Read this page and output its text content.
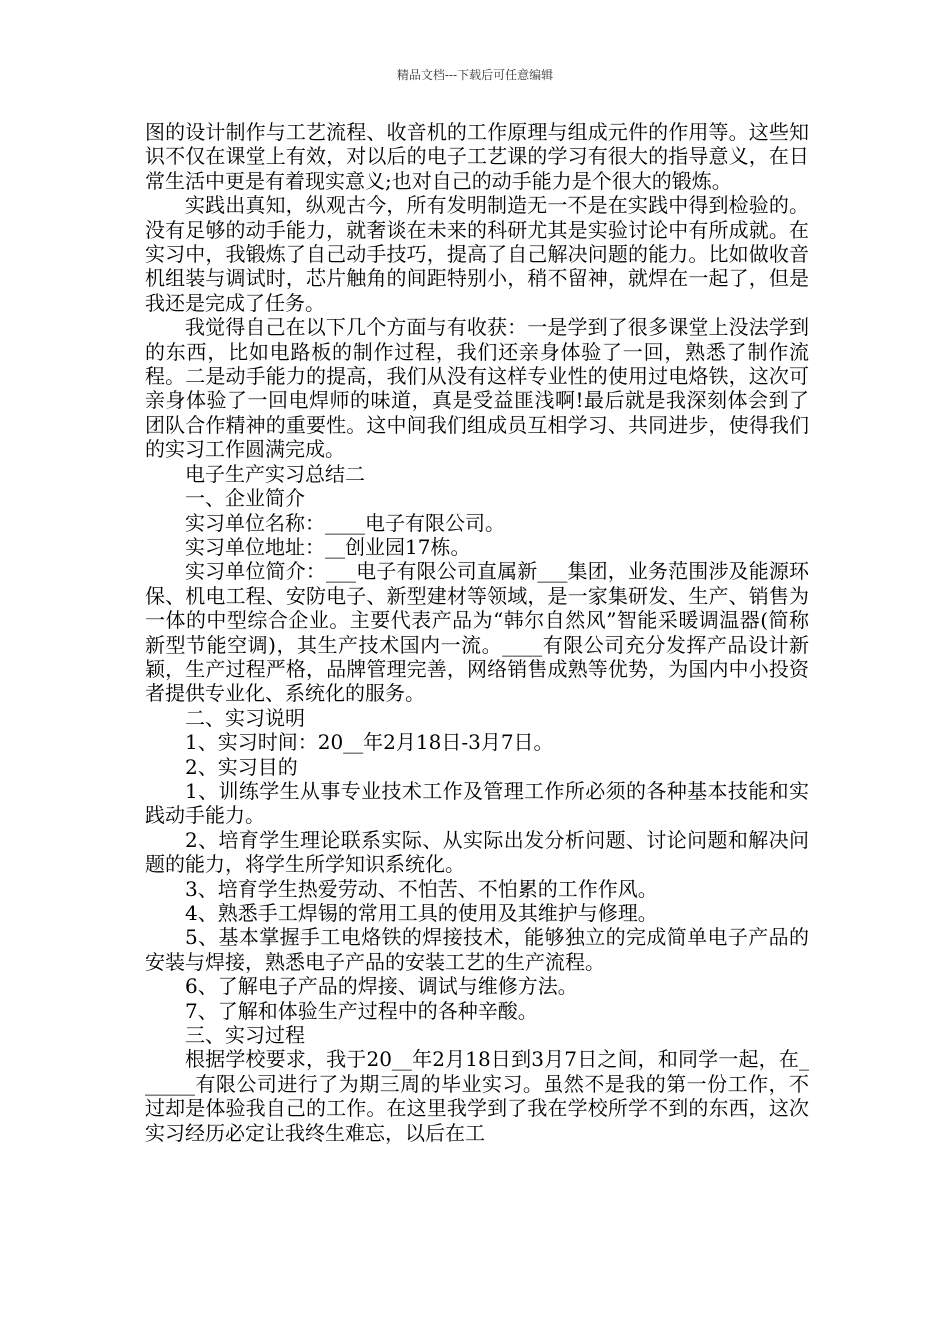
精品文档---下载后可任意编辑

图的设计制作与工艺流程、收音机的工作原理与组成元件的作用等。这些知识不仅在课堂上有效，对以后的电子工艺课的学习有很大的指导意义，在日常生活中更是有着现实意义;也对自己的动手能力是个很大的锻炼。

实践出真知，纵观古今，所有发明制造无一不是在实践中得到检验的。没有足够的动手能力，就奢谈在未来的科研尤其是实验讨论中有所成就。在实习中，我锻炼了自己动手技巧，提高了自己解决问题的能力。比如做收音机组装与调试时，芯片触角的间距特别小，稍不留神，就焊在一起了，但是我还是完成了任务。

我觉得自己在以下几个方面与有收获：一是学到了很多课堂上没法学到的东西，比如电路板的制作过程，我们还亲身体验了一回，熟悉了制作流程。二是动手能力的提高，我们从没有这样专业性的使用过电烙铁，这次可亲身体验了一回电焊师的味道，真是受益匪浅啊!最后就是我深刻体会到了团队合作精神的重要性。这中间我们组成员互相学习、共同进步，使得我们的实习工作圆满完成。

电子生产实习总结二

一、企业简介

实习单位名称：____电子有限公司。

实习单位地址：__创业园17栋。

实习单位简介：___电子有限公司直属新___集团，业务范围涉及能源环保、机电工程、安防电子、新型建材等领域，是一家集研发、生产、销售为一体的中型综合企业。主要代表产品为“韩尔自然风”智能采暖调温器(简称新型节能空调)，其生产技术国内一流。____有限公司充分发挥产品设计新颖，生产过程严格，品牌管理完善，网络销售成熟等优势，为国内中小投资者提供专业化、系统化的服务。

二、实习说明

1、实习时间：20__年2月18日-3月7日。

2、实习目的

1、训练学生从事专业技术工作及管理工作所必须的各种基本技能和实践动手能力。

2、培育学生理论联系实际、从实际出发分析问题、讨论问题和解决问题的能力，将学生所学知识系统化。

3、培育学生热爱劳动、不怕苦、不怕累的工作作风。

4、熟悉手工焊锡的常用工具的使用及其维护与修理。

5、基本掌握手工电烙铁的焊接技术，能够独立的完成简单电子产品的安装与焊接，熟悉电子产品的安装工艺的生产流程。

6、了解电子产品的焊接、调试与维修方法。

7、了解和体验生产过程中的各种辛酸。

三、实习过程

根据学校要求，我于20__年2月18日到3月7日之间，和同学一起，在______有限公司进行了为期三周的毕业实习。虽然不是我的第一份工作，不过却是体验我自己的工作。在这里我学到了我在学校所学不到的东西，这次实习经历必定让我终生难忘，以后在工
